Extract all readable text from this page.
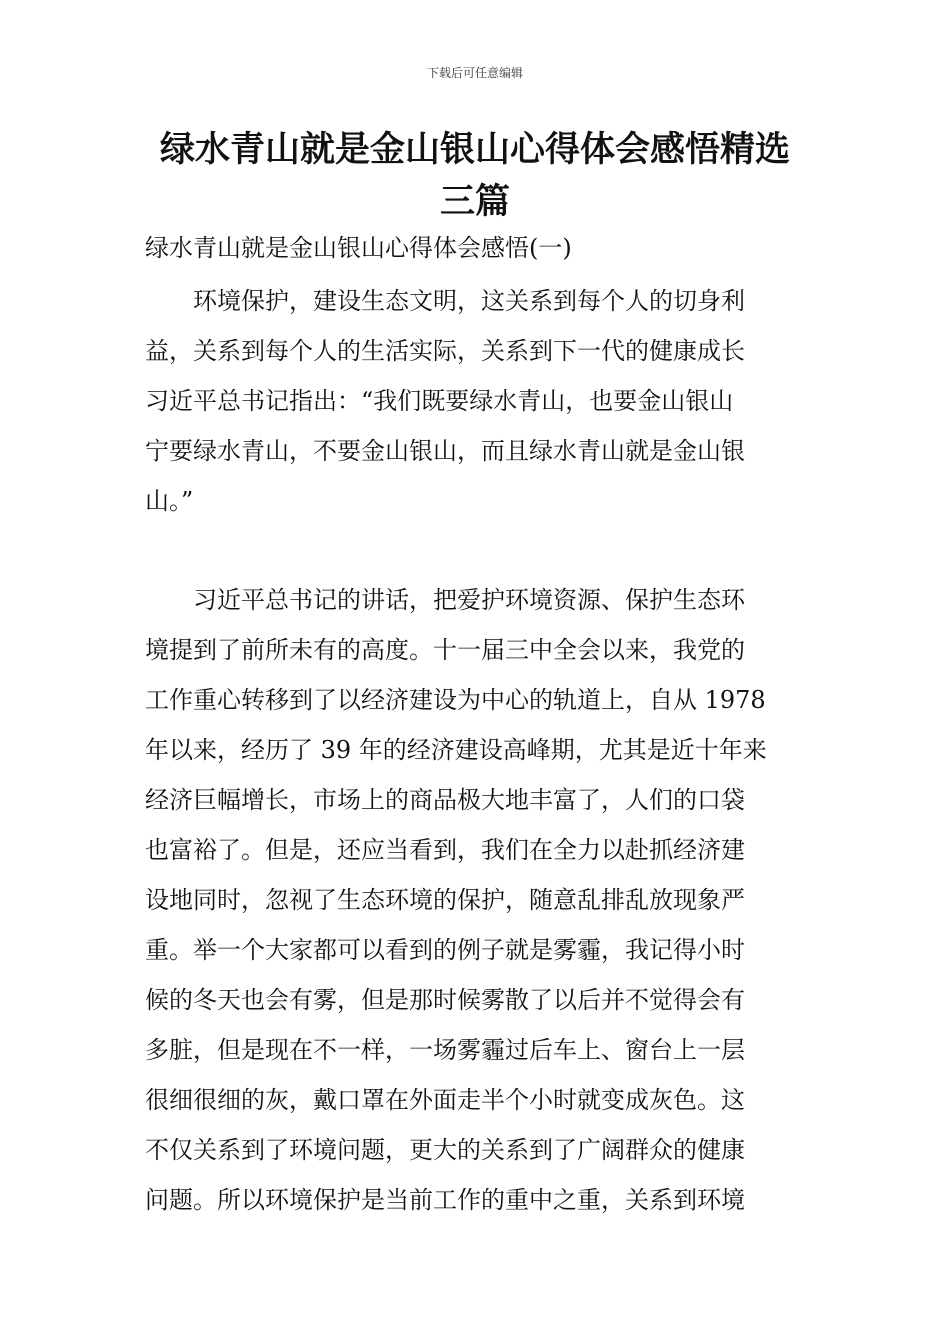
下载后可任意编辑
绿水青山就是金山银山心得体会感悟精选
三篇
绿水青山就是金山银山心得体会感悟(一)
　　环境保护，建设生态文明，这关系到每个人的切身利
益，关系到每个人的生活实际，关系到下一代的健康成长
习近平总书记指出：“我们既要绿水青山，也要金山银山
宁要绿水青山，不要金山银山，而且绿水青山就是金山银
山。”
　　习近平总书记的讲话，把爱护环境资源、保护生态环
境提到了前所未有的高度。十一届三中全会以来，我党的
工作重心转移到了以经济建设为中心的轨道上，自从 1978
年以来，经历了 39 年的经济建设高峰期，尤其是近十年来
经济巨幅增长，市场上的商品极大地丰富了，人们的口袋
也富裕了。但是，还应当看到，我们在全力以赴抓经济建
设地同时，忽视了生态环境的保护，随意乱排乱放现象严
重。举一个大家都可以看到的例子就是雾霾，我记得小时
候的冬天也会有雾，但是那时候雾散了以后并不觉得会有
多脏，但是现在不一样，一场雾霾过后车上、窗台上一层
很细很细的灰，戴口罩在外面走半个小时就变成灰色。这
不仅关系到了环境问题，更大的关系到了广阔群众的健康
问题。所以环境保护是当前工作的重中之重，关系到环境
